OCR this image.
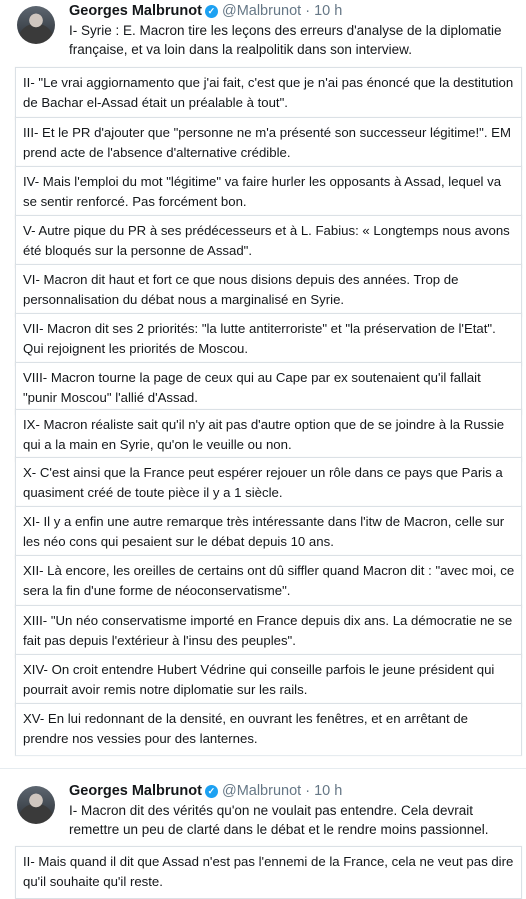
Georges Malbrunot ✓ @Malbrunot · 10 h
I- Syrie : E. Macron tire les leçons des erreurs d'analyse de la diplomatie française, et va loin dans la realpolitik dans son interview.
II- "Le vrai aggiornamento que j'ai fait, c'est que je n'ai pas énoncé que la destitution de Bachar el-Assad était un préalable à tout".
III- Et le PR d'ajouter que "personne ne m'a présenté son successeur légitime!". EM prend acte de l'absence d'alternative crédible.
IV- Mais l'emploi du mot "légitime" va faire hurler les opposants à Assad, lequel va se sentir renforcé. Pas forcément bon.
V- Autre pique du PR à ses prédécesseurs et à L. Fabius: « Longtemps nous avons été bloqués sur la personne de Assad".
VI- Macron dit haut et fort ce que nous disions depuis des années. Trop de personnalisation du débat nous a marginalisé en Syrie.
VII- Macron dit ses 2 priorités: "la lutte antiterroriste" et "la préservation de l'Etat". Qui rejoignent les priorités de Moscou.
VIII- Macron tourne la page de ceux qui au Cape par ex soutenaient qu'il fallait "punir Moscou" l'allié d'Assad.
IX- Macron réaliste sait qu'il n'y ait pas d'autre option que de se joindre à la Russie qui a la main en Syrie, qu'on le veuille ou non.
X- C'est ainsi que la France peut espérer rejouer un rôle dans ce pays que Paris a quasiment créé de toute pièce il y a 1 siècle.
XI- Il y a enfin une autre remarque très intéressante dans l'itw de Macron, celle sur les néo cons qui pesaient sur le débat depuis 10 ans.
XII- Là encore, les oreilles de certains ont dû siffler quand Macron dit : "avec moi, ce sera la fin d'une forme de néoconservatisme".
XIII- "Un néo conservatisme importé en France depuis dix ans. La démocratie ne se fait pas depuis l'extérieur à l'insu des peuples".
XIV- On croit entendre Hubert Védrine qui conseille parfois le jeune président qui pourrait avoir remis notre diplomatie sur les rails.
XV- En lui redonnant de la densité, en ouvrant les fenêtres, et en arrêtant de prendre nos vessies pour des lanternes.
Georges Malbrunot ✓ @Malbrunot · 10 h
I- Macron dit des vérités qu'on ne voulait pas entendre. Cela devrait remettre un peu de clarté dans le débat et le rendre moins passionnel.
II- Mais quand il dit que Assad n'est pas l'ennemi de la France, cela ne veut pas dire qu'il souhaite qu'il reste.
